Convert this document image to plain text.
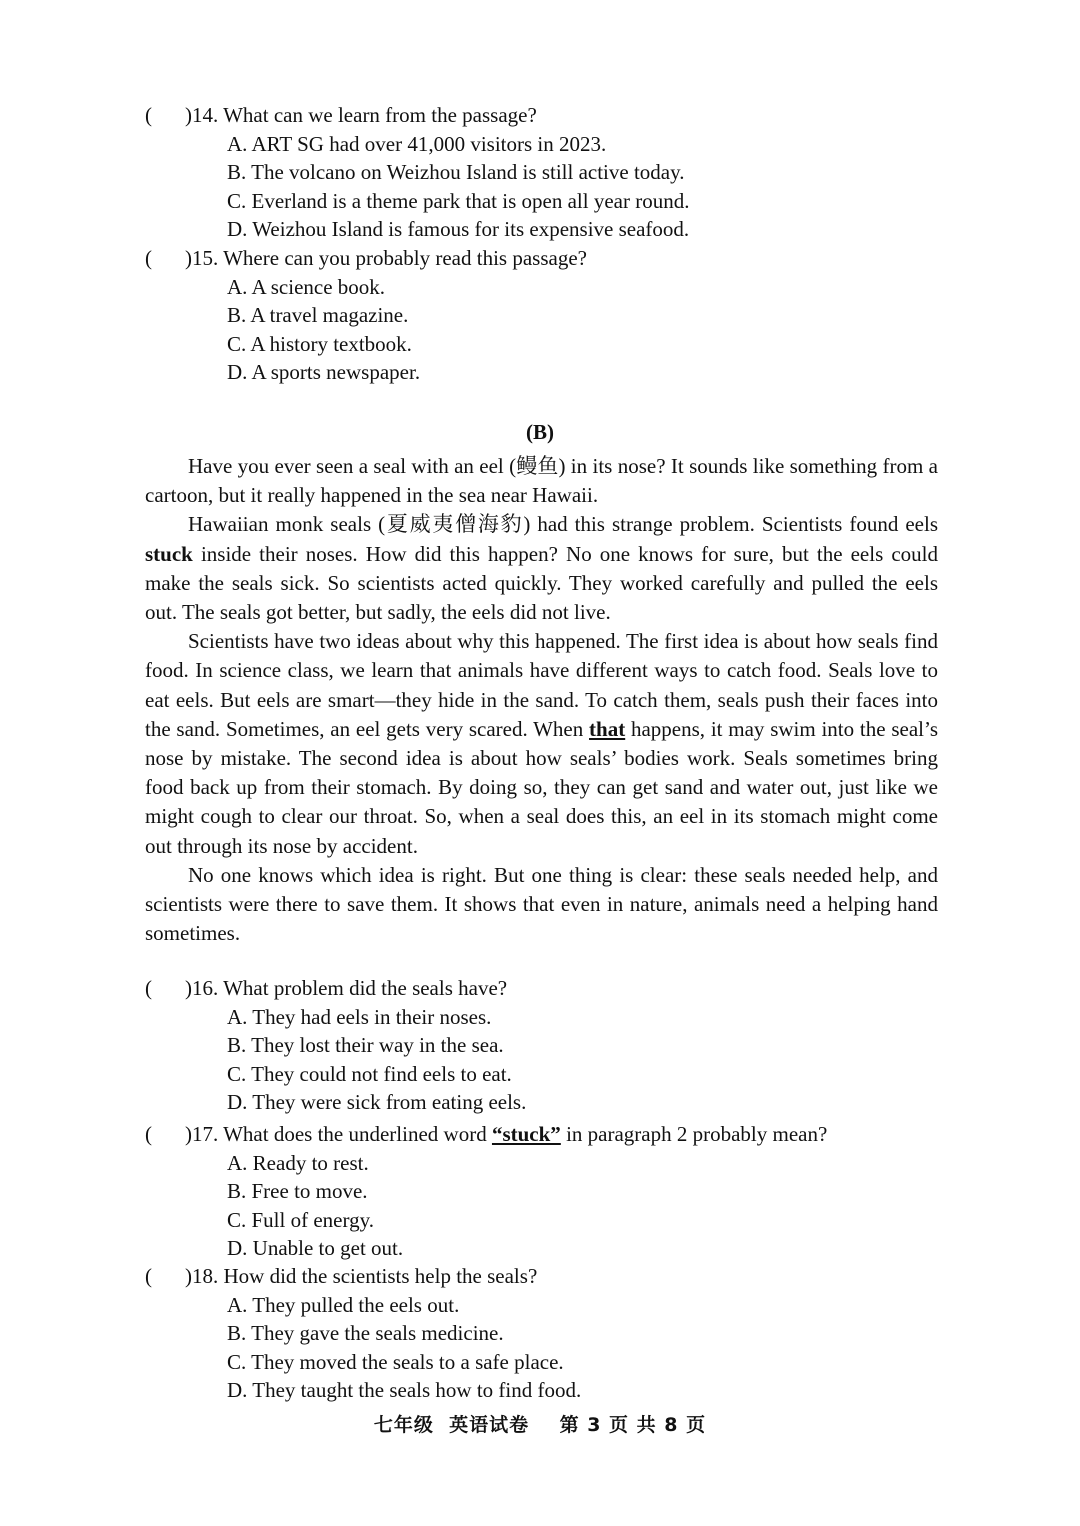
( )14. What can we learn from the passage?
A. ART SG had over 41,000 visitors in 2023.
B. The volcano on Weizhou Island is still active today.
C. Everland is a theme park that is open all year round.
D. Weizhou Island is famous for its expensive seafood.
( )15. Where can you probably read this passage?
A. A science book.
B. A travel magazine.
C. A history textbook.
D. A sports newspaper.
(B)

Have you ever seen a seal with an eel (鳗鱼) in its nose? It sounds like something from a cartoon, but it really happened in the sea near Hawaii.

Hawaiian monk seals (夏威夷僧海豹) had this strange problem. Scientists found eels stuck inside their noses. How did this happen? No one knows for sure, but the eels could make the seals sick. So scientists acted quickly. They worked carefully and pulled the eels out. The seals got better, but sadly, the eels did not live.

Scientists have two ideas about why this happened. The first idea is about how seals find food. In science class, we learn that animals have different ways to catch food. Seals love to eat eels. But eels are smart—they hide in the sand. To catch them, seals push their faces into the sand. Sometimes, an eel gets very scared. When that happens, it may swim into the seal’s nose by mistake. The second idea is about how seals’ bodies work. Seals sometimes bring food back up from their stomach. By doing so, they can get sand and water out, just like we might cough to clear our throat. So, when a seal does this, an eel in its stomach might come out through its nose by accident.

No one knows which idea is right. But one thing is clear: these seals needed help, and scientists were there to save them. It shows that even in nature, animals need a helping hand sometimes.

( )16. What problem did the seals have?
A. They had eels in their noses.
B. They lost their way in the sea.
C. They could not find eels to eat.
D. They were sick from eating eels.
( )17. What does the underlined word “stuck” in paragraph 2 probably mean?
A. Ready to rest.
B. Free to move.
C. Full of energy.
D. Unable to get out.
( )18. How did the scientists help the seals?
A. They pulled the eels out.
B. They gave the seals medicine.
C. They moved the seals to a safe place.
D. They taught the seals how to find food.
七年级  英语试卷    第 3 页 共 8 页
